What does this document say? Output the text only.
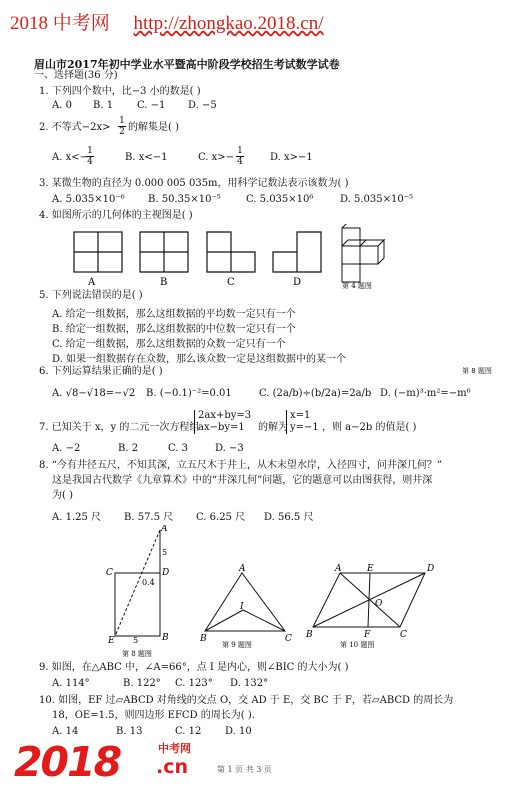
2018 中考网 http://zhongkao.2018.cn/
眉山市2017年初中学业水平暨高中阶段学校招生考试数学试卷
一、选择题(36 分)
1. 下列四个数中，比−3 小的数是( )
A. 0 B. 1 C. −1 D. −5
2. 不等式−2x>
1
2 的解集是( )
A. x<−
1
4	B. x<−1	C. x>−
1
4	D. x>−1
3. 某微生物的直径为 0.000 005 035m，用科学记数法表示该数为( )
A. 5.035×10⁻⁶ B. 50.35×10⁻⁵	C. 5.035×10⁶	D. 5.035×10⁻⁵
4. 如图所示的几何体的主视图是( )
A	B	C	D	第 4 题图
5. 下列说法错误的是( )
A. 给定一组数据，那么这组数据的平均数一定只有一个
B. 给定一组数据，那么这组数据的中位数一定只有一个
C. 给定一组数据，那么这组数据的众数一定只有一个
D. 如果一组数据存在众数，那么该众数一定是这组数据中的某一个
6. 下列运算结果正确的是( )	第 8 题图
A. √8−√18=−√2 B. (−0.1)⁻²=0.01	C. (2a/b)÷(b/2a)=2a/b D. (−m)³·m²=−m⁶
7. 已知关于 x，y 的二元一次方程组
2ax+by=3
ax−by=1	的解为
x=1
y=−1 ，则 a−2b 的值是( )
A. −2	B. 2	C. 3	D. −3
8. “今有井径五尺，不知其深，立五尺木于井上，从木末望水岸，入径四寸，问井深几何？”
这是我国古代数学《九章算术》中的“井深几何”问题，它的题意可以由图获得，则井深
为( )
A. 1.25 尺 B. 57.5 尺 C. 6.25 尺 D. 56.5 尺
A
B
C	D
E
5
0.4
5
第 8 题图
A
B	C
I
第 9 题图
A	E	D
O
B	F	C
第 10 题图
9. 如图，在△ABC 中，∠A=66°，点 I 是内心，则∠BIC 的大小为( )
A. 114°	B. 122° C. 123° D. 132°
10. 如图，EF 过▱ABCD 对角线的交点 O，交 AD 于 E，交 BC 于 F，若▱ABCD 的周长为
18，OE=1.5，则四边形 EFCD 的周长为( ).
A. 14	B. 13	C. 12 D. 10
2018	中考网
.cn	第 1 页 共 3 页
